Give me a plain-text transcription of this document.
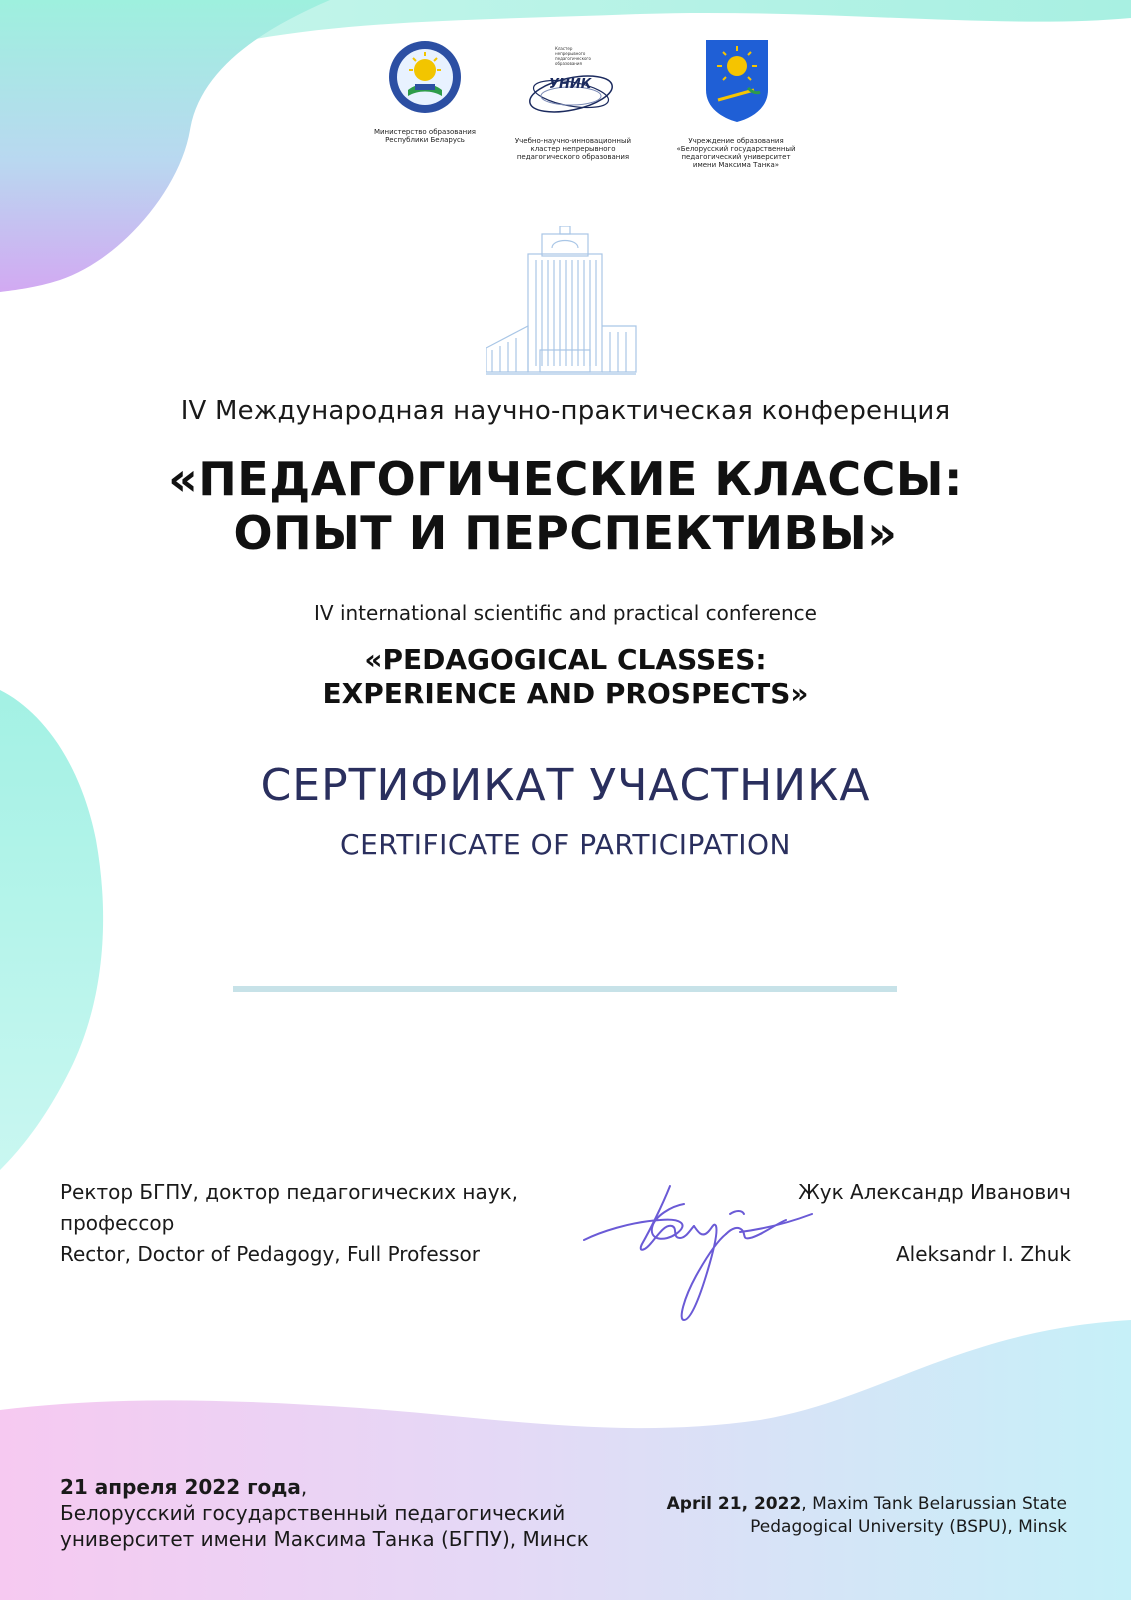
Министерство образования
Республики Беларусь
Кластер
непрерывного
педагогического
образования
УНИК
Учебно-научно-инновационный
кластер непрерывного
педагогического образования
Учреждение образования
«Белорусский государственный
педагогический университет
имени Максима Танка»
IV Международная научно-практическая конференция
«ПЕДАГОГИЧЕСКИЕ КЛАССЫ:
ОПЫТ И ПЕРСПЕКТИВЫ»
IV international scientific and practical conference
«PEDAGOGICAL CLASSES:
EXPERIENCE AND PROSPECTS»
СЕРТИФИКАТ УЧАСТНИКА
CERTIFICATE OF PARTICIPATION
Ректор БГПУ, доктор педагогических наук,
профессор
Rector, Doctor of Pedagogy, Full Professor
Жук Александр Иванович
Aleksandr I. Zhuk
21 апреля 2022 года,
Белорусский государственный педагогический
университет имени Максима Танка (БГПУ), Минск
April 21, 2022, Maxim Tank Belarussian State
Pedagogical University (BSPU), Minsk
